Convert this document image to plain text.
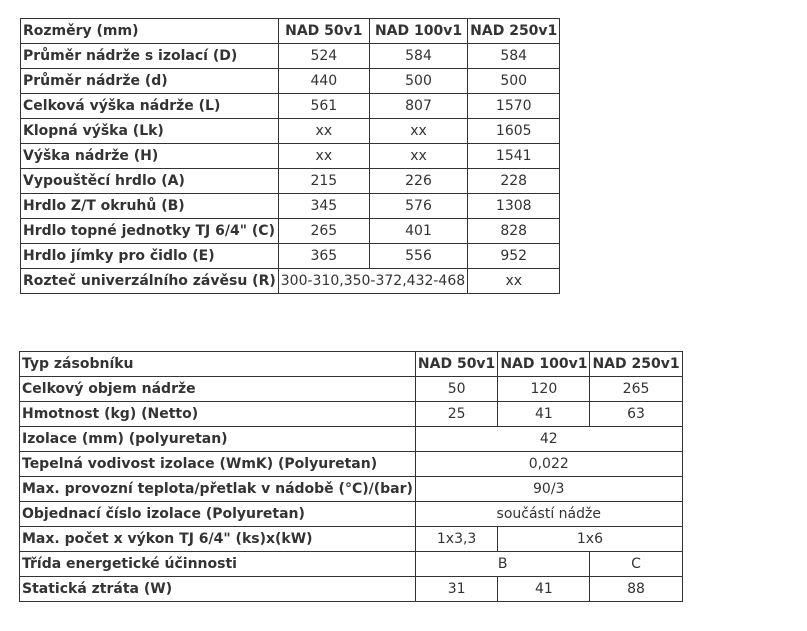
Rozměry (mm)	NAD 50v1	NAD 100v1	NAD 250v1
Průměr nádrže s izolací (D)	524	584	584
Průměr nádrže (d)	440	500	500
Celková výška nádrže (L)	561	807	1570
Klopná výška (Lk)	xx	xx	1605
Výška nádrže (H)	xx	xx	1541
Vypouštěcí hrdlo (A)	215	226	228
Hrdlo Z/T okruhů (B)	345	576	1308
Hrdlo topné jednotky TJ 6/4" (C)	265	401	828
Hrdlo jímky pro čidlo (E)	365	556	952
Rozteč univerzálního závěsu (R)	300-310,350-372,432-468		xx
Typ zásobníku	NAD 50v1	NAD 100v1	NAD 250v1
Celkový objem nádrže	50	120	265
Hmotnost (kg) (Netto)	25	41	63
Izolace (mm) (polyuretan)	42		
Tepelná vodivost izolace (WmK) (Polyuretan)	0,022		
Max. provozní teplota/přetlak v nádobě (°C)/(bar)	90/3		
Objednací číslo izolace (Polyuretan)	součástí nádže		
Max. počet x výkon TJ 6/4" (ks)x(kW)	1x3,3	1x6	
Třída energetické účinnosti	B		C
Statická ztráta (W)	31	41	88
